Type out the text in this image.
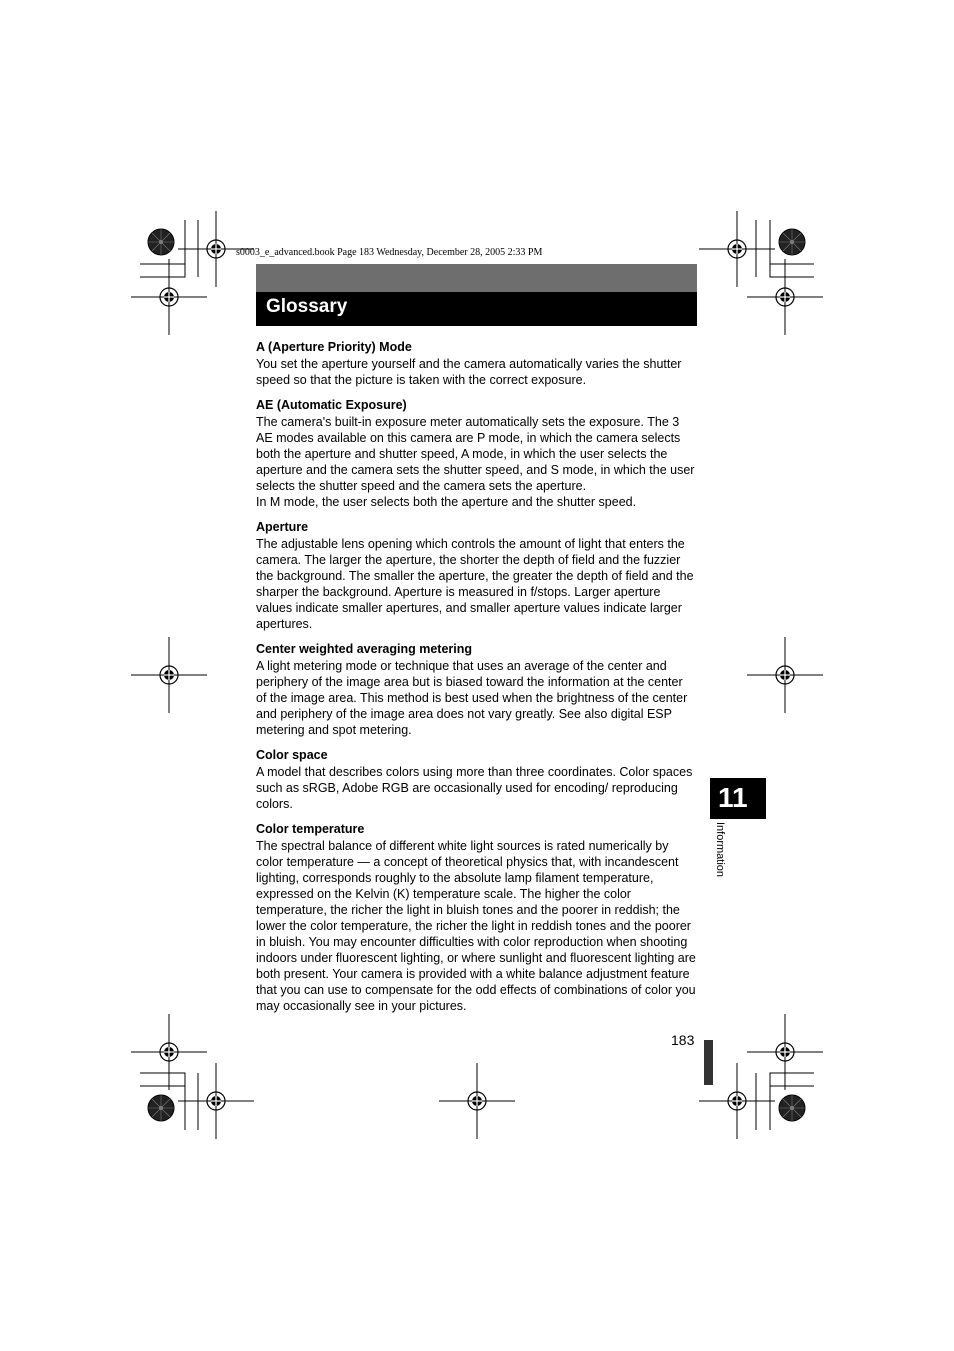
s0003_e_advanced.book Page 183 Wednesday, December 28, 2005 2:33 PM
Glossary

A (Aperture Priority) Mode

You set the aperture yourself and the camera automatically varies the shutter speed so that the picture is taken with the correct exposure.

AE (Automatic Exposure)

The camera's built-in exposure meter automatically sets the exposure. The 3 AE modes available on this camera are P mode, in which the camera selects both the aperture and shutter speed, A mode, in which the user selects the aperture and the camera sets the shutter speed, and S mode, in which the user selects the shutter speed and the camera sets the aperture.

In M mode, the user selects both the aperture and the shutter speed.

Aperture

The adjustable lens opening which controls the amount of light that enters the camera. The larger the aperture, the shorter the depth of field and the fuzzier the background. The smaller the aperture, the greater the depth of field and the sharper the background. Aperture is measured in f/stops. Larger aperture values indicate smaller apertures, and smaller aperture values indicate larger apertures.

Center weighted averaging metering

A light metering mode or technique that uses an average of the center and periphery of the image area but is biased toward the information at the center of the image area. This method is best used when the brightness of the center and periphery of the image area does not vary greatly. See also digital ESP metering and spot metering.

Color space

A model that describes colors using more than three coordinates. Color spaces such as sRGB, Adobe RGB are occasionally used for encoding/ reproducing colors.

Color temperature

The spectral balance of different white light sources is rated numerically by color temperature — a concept of theoretical physics that, with incandescent lighting, corresponds roughly to the absolute lamp filament temperature, expressed on the Kelvin (K) temperature scale. The higher the color temperature, the richer the light in bluish tones and the poorer in reddish; the lower the color temperature, the richer the light in reddish tones and the poorer in bluish. You may encounter difficulties with color reproduction when shooting indoors under fluorescent lighting, or where sunlight and fluorescent lighting are both present. Your camera is provided with a white balance adjustment feature that you can use to compensate for the odd effects of combinations of color you may occasionally see in your pictures.

11
Information
183
